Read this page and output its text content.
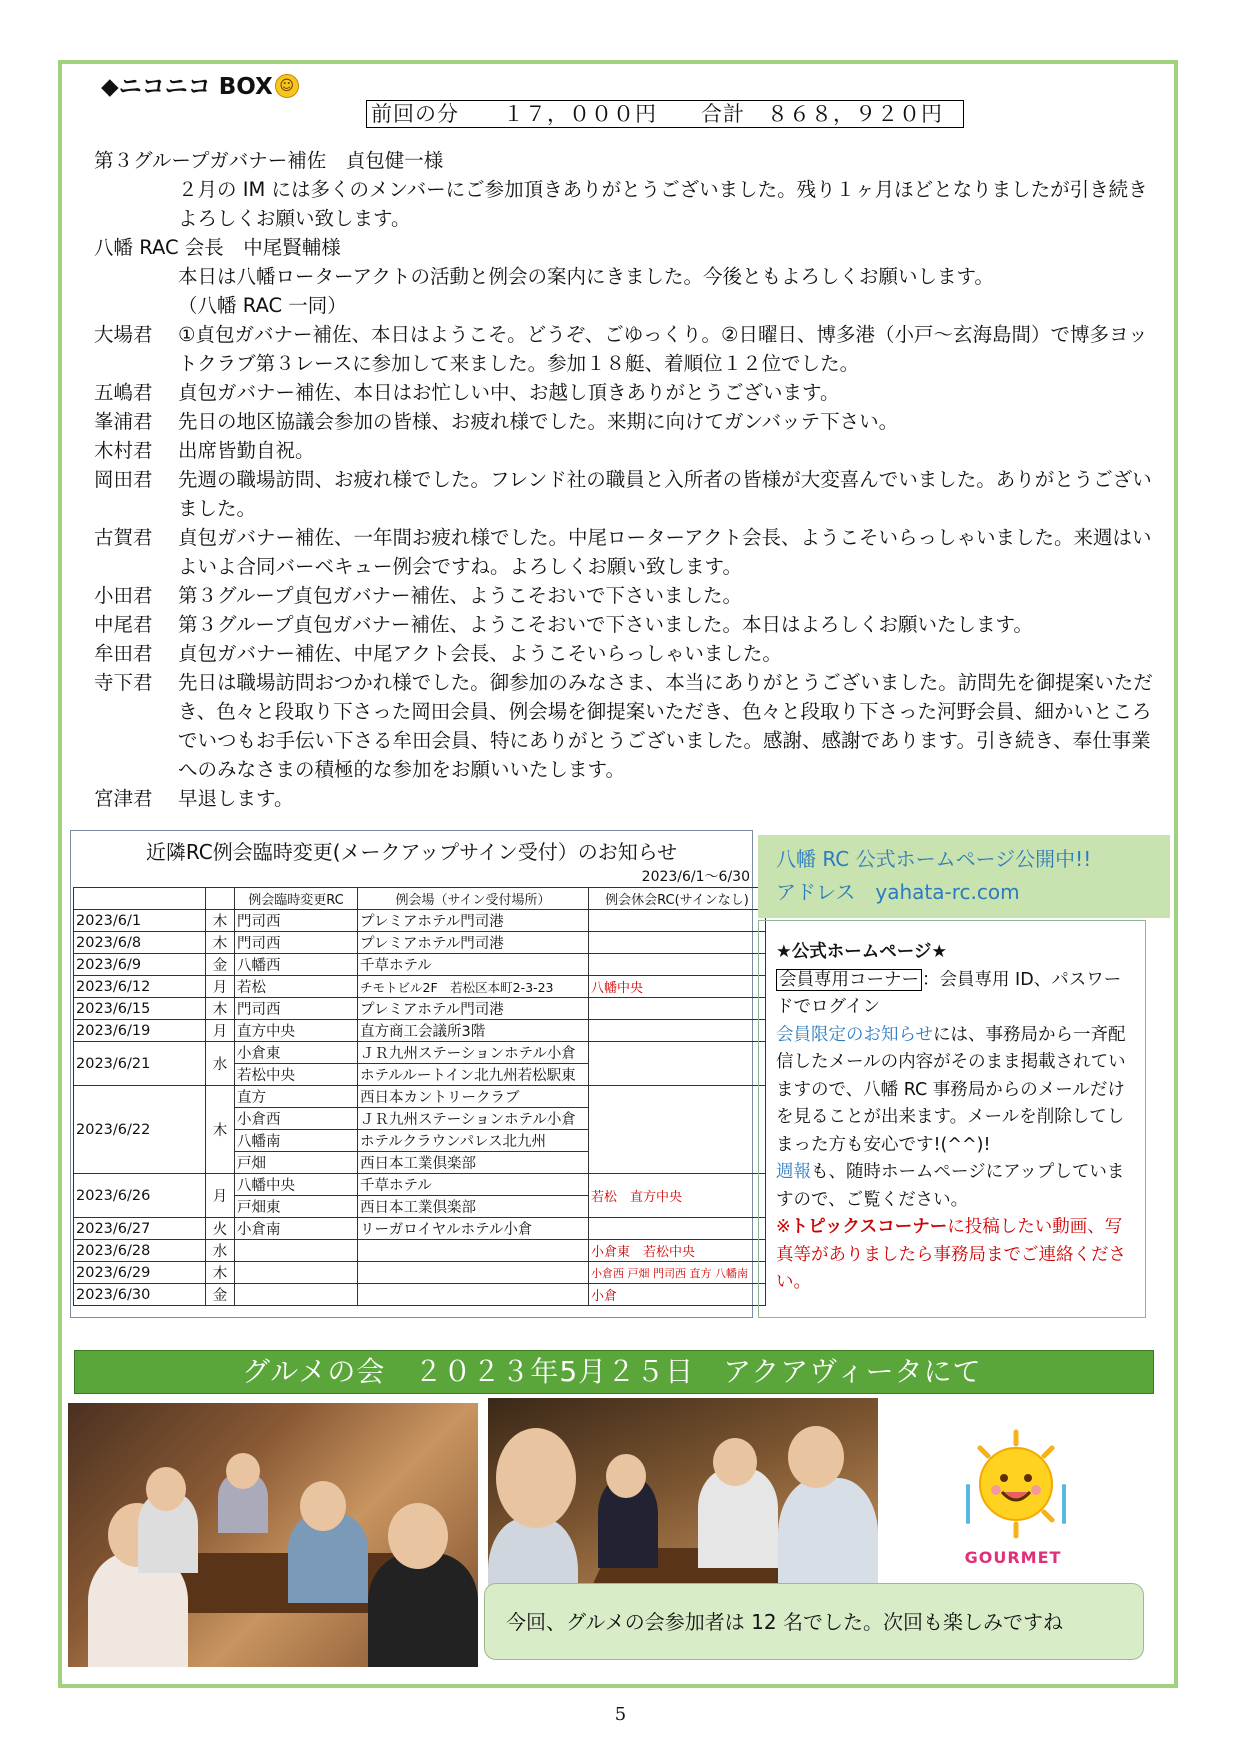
◆ニコニコ BOX ☺
前回の分　　１７，０００円　　合計　８６８，９２０円
第３グループガバナー補佐　貞包健一様
２月の IM には多くのメンバーにご参加頂きありがとうございました。残り１ヶ月ほどとなりましたが引き続きよろしくお願い致します。
八幡 RAC 会長　中尾賢輔様
本日は八幡ローターアクトの活動と例会の案内にきました。今後ともよろしくお願いします。
（八幡 RAC 一同）
大場君	①貞包ガバナー補佐、本日はようこそ。どうぞ、ごゆっくり。②日曜日、博多港（小戸～玄海島間）で博多ヨットクラブ第３レースに参加して来ました。参加１８艇、着順位１２位でした。
五嶋君	貞包ガバナー補佐、本日はお忙しい中、お越し頂きありがとうございます。
峯浦君	先日の地区協議会参加の皆様、お疲れ様でした。来期に向けてガンバッテ下さい。
木村君	出席皆勤自祝。
岡田君	先週の職場訪問、お疲れ様でした。フレンド社の職員と入所者の皆様が大変喜んでいました。ありがとうございました。
古賀君	貞包ガバナー補佐、一年間お疲れ様でした。中尾ローターアクト会長、ようこそいらっしゃいました。来週はいよいよ合同バーベキュー例会ですね。よろしくお願い致します。
小田君	第３グループ貞包ガバナー補佐、ようこそおいで下さいました。
中尾君	第３グループ貞包ガバナー補佐、ようこそおいで下さいました。本日はよろしくお願いたします。
牟田君	貞包ガバナー補佐、中尾アクト会長、ようこそいらっしゃいました。
寺下君	先日は職場訪問おつかれ様でした。御参加のみなさま、本当にありがとうございました。訪問先を御提案いただき、色々と段取り下さった岡田会員、例会場を御提案いただき、色々と段取り下さった河野会員、細かいところでいつもお手伝い下さる牟田会員、特にありがとうございました。感謝、感謝であります。引き続き、奉仕事業へのみなさまの積極的な参加をお願いいたします。
宮津君	早退します。
近隣RC例会臨時変更(メークアップサイン受付）のお知らせ
2023/6/1～6/30
		例会臨時変更RC	例会場（サイン受付場所）	例会休会RC(サインなし)
2023/6/1	木	門司西	プレミアホテル門司港	
2023/6/8	木	門司西	プレミアホテル門司港	
2023/6/9	金	八幡西	千草ホテル	
2023/6/12	月	若松	チモトビル2F　若松区本町2-3-23	八幡中央
2023/6/15	木	門司西	プレミアホテル門司港	
2023/6/19	月	直方中央	直方商工会議所3階	
2023/6/21	水	小倉東	ＪＲ九州ステーションホテル小倉	
		若松中央	ホテルルートイン北九州若松駅東	
2023/6/22	木	直方	西日本カントリークラブ	
		小倉西	ＪＲ九州ステーションホテル小倉	
		八幡南	ホテルクラウンパレス北九州	
		戸畑	西日本工業倶楽部	
2023/6/26	月	八幡中央	千草ホテル	若松　直方中央
		戸畑東	西日本工業倶楽部	
2023/6/27	火	小倉南	リーガロイヤルホテル小倉	
2023/6/28	水			小倉東　若松中央
2023/6/29	木			小倉西 戸畑 門司西 直方 八幡南
2023/6/30	金			小倉
八幡 RC 公式ホームページ公開中!!
アドレス　yahata-rc.com
★公式ホームページ★
会員専用コーナー ：会員専用 ID、パスワードでログイン
会員限定のお知らせには、事務局から一斉配信したメールの内容がそのまま掲載されていますので、八幡 RC 事務局からのメールだけを見ることが出来ます。メールを削除してしまった方も安心です!(^^)!
週報も、随時ホームページにアップしていますので、ご覧ください。
※トピックスコーナーに投稿したい動画、写真等がありましたら事務局までご連絡ください。
グルメの会　２０２３年5月２５日　アクアヴィータにて
GOURMET
今回、グルメの会参加者は 12 名でした。次回も楽しみですね
5
